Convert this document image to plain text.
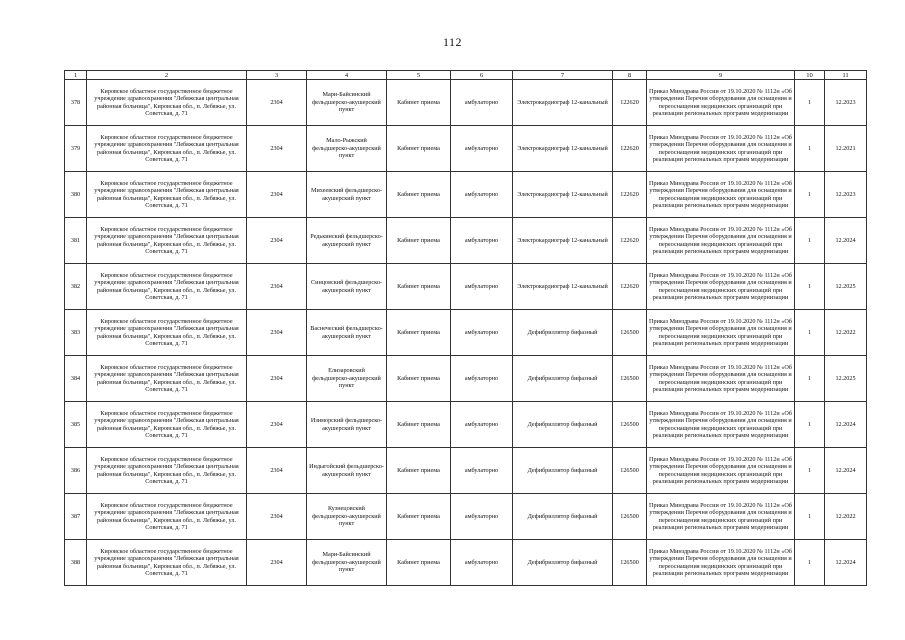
112
1	2	3	4	5	6	7	8	9	10	11
378	Кировское областное государственное бюджетное учреждение здравоохранения "Лебяжская центральная районная больница", Кировская обл., п. Лебяжье, ул. Советская, д. 71	2304	Мари-Байсинский фельдшерско-акушерский пункт	Кабинет приема	амбулаторно	Электрокардиограф 12-канальный	122620	Приказ Минздрава России от 19.10.2020 № 1112н «Об утверждении Перечня оборудования для оснащения и переоснащения медицинских организаций при реализации региональных программ модернизации	1	12.2023
379	Кировское областное государственное бюджетное учреждение здравоохранения "Лебяжская центральная районная больница", Кировская обл., п. Лебяжье, ул. Советская, д. 71	2304	Мало-Рыжский фельдшерско-акушерский пункт	Кабинет приема	амбулаторно	Электрокардиограф 12-канальный	122620	Приказ Минздрава России от 19.10.2020 № 1112н «Об утверждении Перечня оборудования для оснащения и переоснащения медицинских организаций при реализации региональных программ модернизации	1	12.2021
380	Кировское областное государственное бюджетное учреждение здравоохранения "Лебяжская центральная районная больница", Кировская обл., п. Лебяжье, ул. Советская, д. 71	2304	Михеевский фельдшерско-акушерский пункт	Кабинет приема	амбулаторно	Электрокардиограф 12-канальный	122620	Приказ Минздрава России от 19.10.2020 № 1112н «Об утверждении Перечня оборудования для оснащения и переоснащения медицинских организаций при реализации региональных программ модернизации	1	12.2023
381	Кировское областное государственное бюджетное учреждение здравоохранения "Лебяжская центральная районная больница", Кировская обл., п. Лебяжье, ул. Советская, д. 71	2304	Редькинский фельдшерско-акушерский пункт	Кабинет приема	амбулаторно	Электрокардиограф 12-канальный	122620	Приказ Минздрава России от 19.10.2020 № 1112н «Об утверждении Перечня оборудования для оснащения и переоснащения медицинских организаций при реализации региональных программ модернизации	1	12.2024
382	Кировское областное государственное бюджетное учреждение здравоохранения "Лебяжская центральная районная больница", Кировская обл., п. Лебяжье, ул. Советская, д. 71	2304	Синцовский фельдшерско-акушерский пункт	Кабинет приема	амбулаторно	Электрокардиограф 12-канальный	122620	Приказ Минздрава России от 19.10.2020 № 1112н «Об утверждении Перечня оборудования для оснащения и переоснащения медицинских организаций при реализации региональных программ модернизации	1	12.2025
383	Кировское областное государственное бюджетное учреждение здравоохранения "Лебяжская центральная районная больница", Кировская обл., п. Лебяжье, ул. Советская, д. 71	2304	Васнеческий фельдшерско-акушерский пункт	Кабинет приема	амбулаторно	Дефибриллятор бифазный	126500	Приказ Минздрава России от 19.10.2020 № 1112н «Об утверждении Перечня оборудования для оснащения и переоснащения медицинских организаций при реализации региональных программ модернизации	1	12.2022
384	Кировское областное государственное бюджетное учреждение здравоохранения "Лебяжская центральная районная больница", Кировская обл., п. Лебяжье, ул. Советская, д. 71	2304	Елизаровский фельдшерско-акушерский пункт	Кабинет приема	амбулаторно	Дефибриллятор бифазный	126500	Приказ Минздрава России от 19.10.2020 № 1112н «Об утверждении Перечня оборудования для оснащения и переоснащения медицинских организаций при реализации региональных программ модернизации	1	12.2025
385	Кировское областное государственное бюджетное учреждение здравоохранения "Лебяжская центральная районная больница", Кировская обл., п. Лебяжье, ул. Советская, д. 71	2304	Изиморский фельдшерско-акушерский пункт	Кабинет приема	амбулаторно	Дефибриллятор бифазный	126500	Приказ Минздрава России от 19.10.2020 № 1112н «Об утверждении Перечня оборудования для оснащения и переоснащения медицинских организаций при реализации региональных программ модернизации	1	12.2024
386	Кировское областное государственное бюджетное учреждение здравоохранения "Лебяжская центральная районная больница", Кировская обл., п. Лебяжье, ул. Советская, д. 71	2304	Индыгойский фельдшерско-акушерский пункт	Кабинет приема	амбулаторно	Дефибриллятор бифазный	126500	Приказ Минздрава России от 19.10.2020 № 1112н «Об утверждении Перечня оборудования для оснащения и переоснащения медицинских организаций при реализации региональных программ модернизации	1	12.2024
387	Кировское областное государственное бюджетное учреждение здравоохранения "Лебяжская центральная районная больница", Кировская обл., п. Лебяжье, ул. Советская, д. 71	2304	Кузнецовский фельдшерско-акушерский пункт	Кабинет приема	амбулаторно	Дефибриллятор бифазный	126500	Приказ Минздрава России от 19.10.2020 № 1112н «Об утверждении Перечня оборудования для оснащения и переоснащения медицинских организаций при реализации региональных программ модернизации	1	12.2022
388	Кировское областное государственное бюджетное учреждение здравоохранения "Лебяжская центральная районная больница", Кировская обл., п. Лебяжье, ул. Советская, д. 71	2304	Мари-Байсинский фельдшерско-акушерский пункт	Кабинет приема	амбулаторно	Дефибриллятор бифазный	126500	Приказ Минздрава России от 19.10.2020 № 1112н «Об утверждении Перечня оборудования для оснащения и переоснащения медицинских организаций при реализации региональных программ модернизации	1	12.2024
